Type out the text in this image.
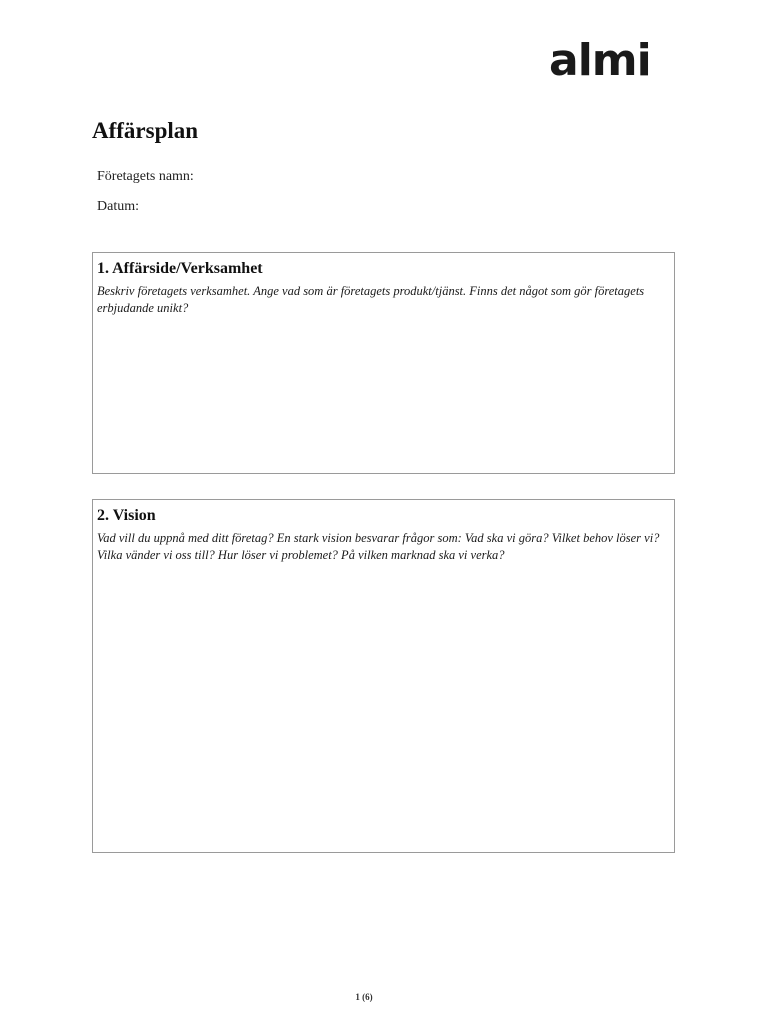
almi
Affärsplan
Företagets namn:
Datum:
1. Affärside/Verksamhet

Beskriv företagets verksamhet. Ange vad som är företagets produkt/tjänst. Finns det något som gör företagets erbjudande unikt?

2. Vision

Vad vill du uppnå med ditt företag? En stark vision besvarar frågor som: Vad ska vi göra? Vilket behov löser vi? Vilka vänder vi oss till? Hur löser vi problemet? På vilken marknad ska vi verka?

1 (6)
